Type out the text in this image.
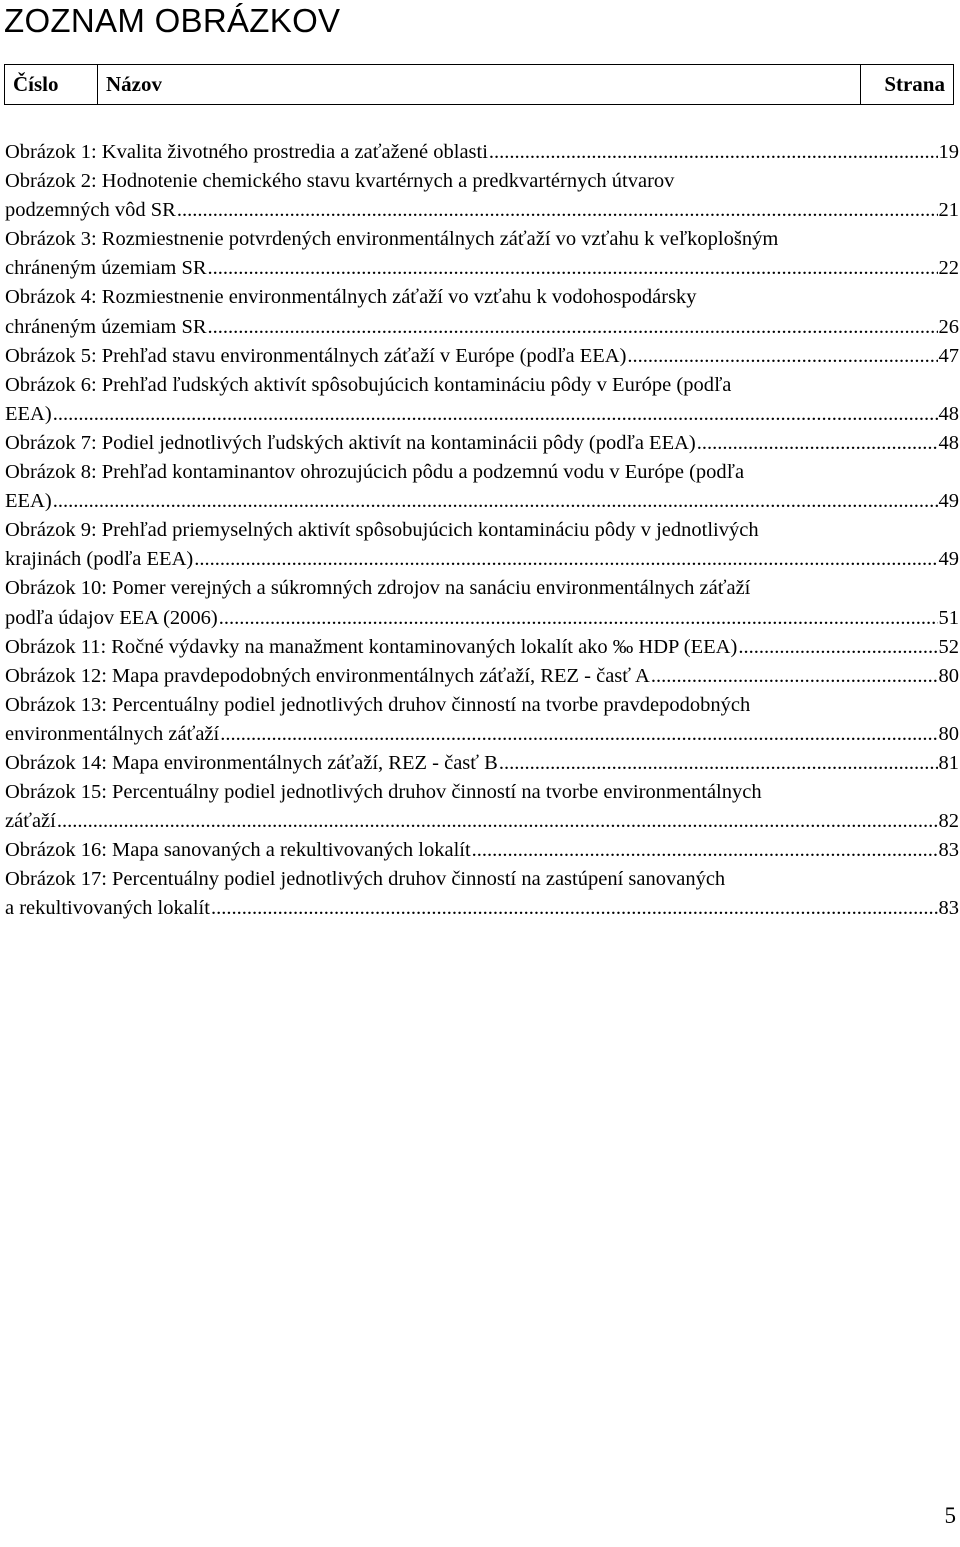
ZOZNAM OBRÁZKOV
Číslo	Názov	Strana
Obrázok 1: Kvalita životného prostredia a zaťažené oblasti .....	19
Obrázok 2: Hodnotenie chemického stavu kvartérnych a predkvartérnych útvarov
podzemných vôd SR .....	21
Obrázok 3: Rozmiestnenie potvrdených environmentálnych záťaží vo vzťahu k veľkoplošným
chráneným územiam SR .....	22
Obrázok 4: Rozmiestnenie environmentálnych záťaží vo vzťahu k vodohospodársky
chráneným územiam SR .....	26
Obrázok 5: Prehľad stavu environmentálnych záťaží v Európe (podľa EEA) .....	47
Obrázok 6: Prehľad ľudských aktivít spôsobujúcich kontamináciu pôdy v Európe (podľa
EEA) .....	48
Obrázok 7: Podiel jednotlivých ľudských aktivít na kontaminácii pôdy (podľa EEA) .....	48
Obrázok 8: Prehľad kontaminantov ohrozujúcich pôdu a podzemnú vodu v Európe (podľa
EEA) .....	49
Obrázok 9: Prehľad priemyselných aktivít spôsobujúcich kontamináciu pôdy v jednotlivých
krajinách (podľa EEA) .....	49
Obrázok 10: Pomer verejných a súkromných zdrojov na sanáciu environmentálnych záťaží
podľa údajov EEA (2006) .....	51
Obrázok 11: Ročné výdavky na manažment kontaminovaných lokalít ako ‰ HDP (EEA) .....	52
Obrázok 12: Mapa pravdepodobných environmentálnych záťaží, REZ - časť A .....	80
Obrázok 13: Percentuálny podiel jednotlivých druhov činností na tvorbe pravdepodobných
environmentálnych záťaží .....	80
Obrázok 14: Mapa environmentálnych záťaží, REZ - časť B .....	81
Obrázok 15: Percentuálny podiel jednotlivých druhov činností na tvorbe environmentálnych
záťaží .....	82
Obrázok 16: Mapa sanovaných a rekultivovaných lokalít .....	83
Obrázok 17: Percentuálny podiel jednotlivých druhov činností na zastúpení sanovaných
a rekultivovaných lokalít .....	83
5
